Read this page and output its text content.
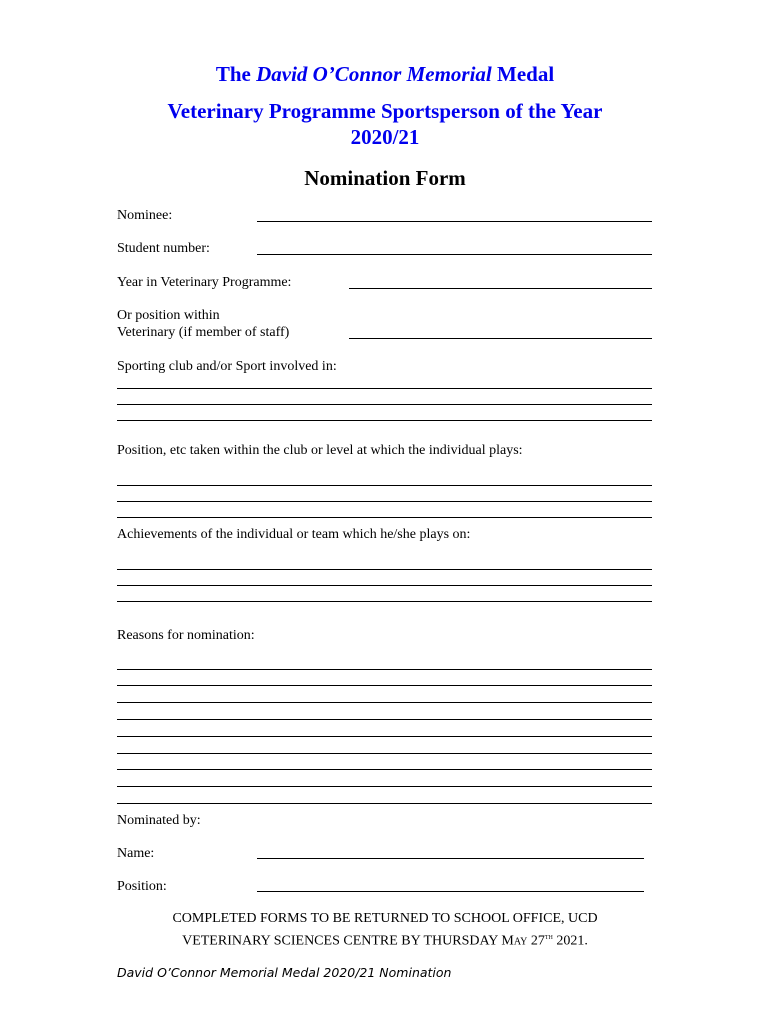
The David O’Connor Memorial Medal
Veterinary Programme Sportsperson of the Year
2020/21
Nomination Form
Nominee:
Student number:
Year in Veterinary Programme:
Or position within
Veterinary (if member of staff)
Sporting club and/or Sport involved in:
Position, etc taken within the club or level at which the individual plays:
Achievements of the individual or team which he/she plays on:
Reasons for nomination:
Nominated by:
Name:
Position:
COMPLETED FORMS TO BE RETURNED TO SCHOOL OFFICE, UCD
VETERINARY SCIENCES CENTRE BY THURSDAY May 27th 2021.
David O’Connor Memorial Medal 2020/21 Nomination
